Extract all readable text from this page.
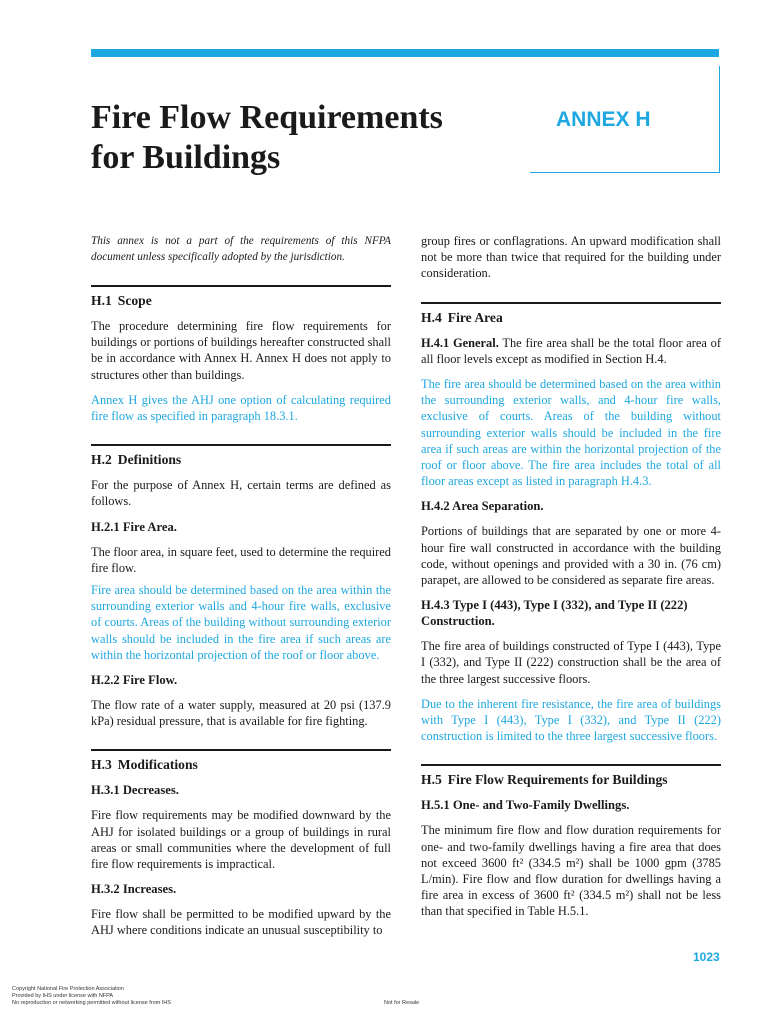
Fire Flow Requirements
for Buildings
ANNEX H

This annex is not a part of the requirements of this NFPA document unless specifically adopted by the jurisdiction.

H.1 Scope

The procedure determining fire flow requirements for buildings or portions of buildings hereafter constructed shall be in accordance with Annex H. Annex H does not apply to structures other than buildings.

Annex H gives the AHJ one option of calculating required fire flow as specified in paragraph 18.3.1.

H.2 Definitions

For the purpose of Annex H, certain terms are defined as follows.

H.2.1 Fire Area.

The floor area, in square feet, used to determine the required fire flow.

Fire area should be determined based on the area within the surrounding exterior walls and 4-hour fire walls, exclusive of courts. Areas of the building without surrounding exterior walls should be included in the fire area if such areas are within the horizontal projection of the roof or floor above.

H.2.2 Fire Flow.

The flow rate of a water supply, measured at 20 psi (137.9 kPa) residual pressure, that is available for fire fighting.

H.3 Modifications
H.3.1 Decreases.

Fire flow requirements may be modified downward by the AHJ for isolated buildings or a group of buildings in rural areas or small communities where the development of full fire flow requirements is impractical.

H.3.2 Increases.

Fire flow shall be permitted to be modified upward by the AHJ where conditions indicate an unusual susceptibility to

group fires or conflagrations. An upward modification shall not be more than twice that required for the building under consideration.

H.4 Fire Area

H.4.1 General. The fire area shall be the total floor area of all floor levels except as modified in Section H.4.

The fire area should be determined based on the area within the surrounding exterior walls, and 4-hour fire walls, exclusive of courts. Areas of the building without surrounding exterior walls should be included in the fire area if such areas are within the horizontal projection of the roof or floor above. The fire area includes the total of all floor areas except as listed in paragraph H.4.3.

H.4.2 Area Separation.

Portions of buildings that are separated by one or more 4-hour fire wall constructed in accordance with the building code, without openings and provided with a 30 in. (76 cm) parapet, are allowed to be considered as separate fire areas.

H.4.3 Type I (443), Type I (332), and Type II (222) Construction.

The fire area of buildings constructed of Type I (443), Type I (332), and Type II (222) construction shall be the area of the three largest successive floors.

Due to the inherent fire resistance, the fire area of buildings with Type I (443), Type I (332), and Type II (222) construction is limited to the three largest successive floors.

H.5 Fire Flow Requirements for Buildings
H.5.1 One- and Two-Family Dwellings.

The minimum fire flow and flow duration requirements for one- and two-family dwellings having a fire area that does not exceed 3600 ft² (334.5 m²) shall be 1000 gpm (3785 L/min). Fire flow and flow duration for dwellings having a fire area in excess of 3600 ft² (334.5 m²) shall not be less than that specified in Table H.5.1.

1023
Copyright National Fire Protection Association
Provided by IHS under license with NFPA
No reproduction or networking permitted without license from IHS	Not for Resale
